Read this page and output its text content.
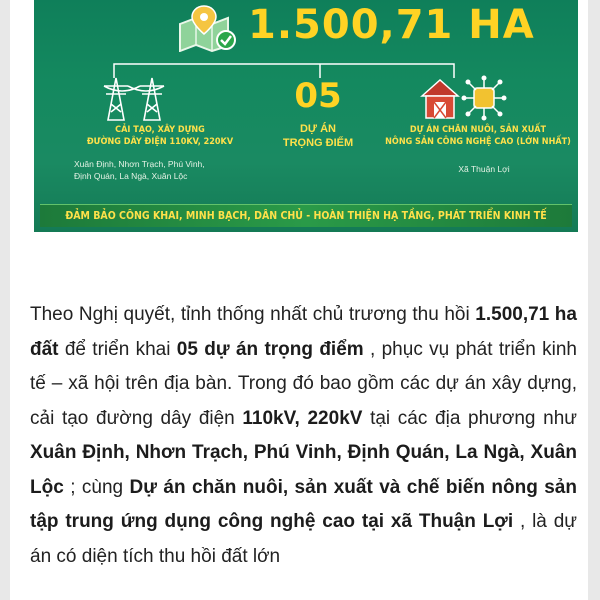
1.500,71 HA
05
CẢI TẠO, XÂY DỰNG
ĐƯỜNG DÂY ĐIỆN 110KV, 220KV
DỰ ÁN
TRỌNG ĐIỂM
DỰ ÁN CHĂN NUÔI, SẢN XUẤT
NÔNG SẢN CÔNG NGHỆ CAO (LỚN NHẤT)
Xuân Định, Nhơn Trạch, Phú Vinh,
Định Quán, La Ngà, Xuân Lộc
Xã Thuận Lợi
ĐẢM BẢO CÔNG KHAI, MINH BẠCH, DÂN CHỦ - HOÀN THIỆN HẠ TẦNG, PHÁT TRIỂN KINH TẾ

Theo Nghị quyết, tỉnh thống nhất chủ trương thu hồi 1.500,71 ha đất để triển khai 05 dự án trọng điểm , phục vụ phát triển kinh tế – xã hội trên địa bàn. Trong đó bao gồm các dự án xây dựng, cải tạo đường dây điện 110kV, 220kV tại các địa phương như Xuân Định, Nhơn Trạch, Phú Vinh, Định Quán, La Ngà, Xuân Lộc ; cùng Dự án chăn nuôi, sản xuất và chế biến nông sản tập trung ứng dụng công nghệ cao tại xã Thuận Lợi , là dự án có diện tích thu hồi đất lớn
